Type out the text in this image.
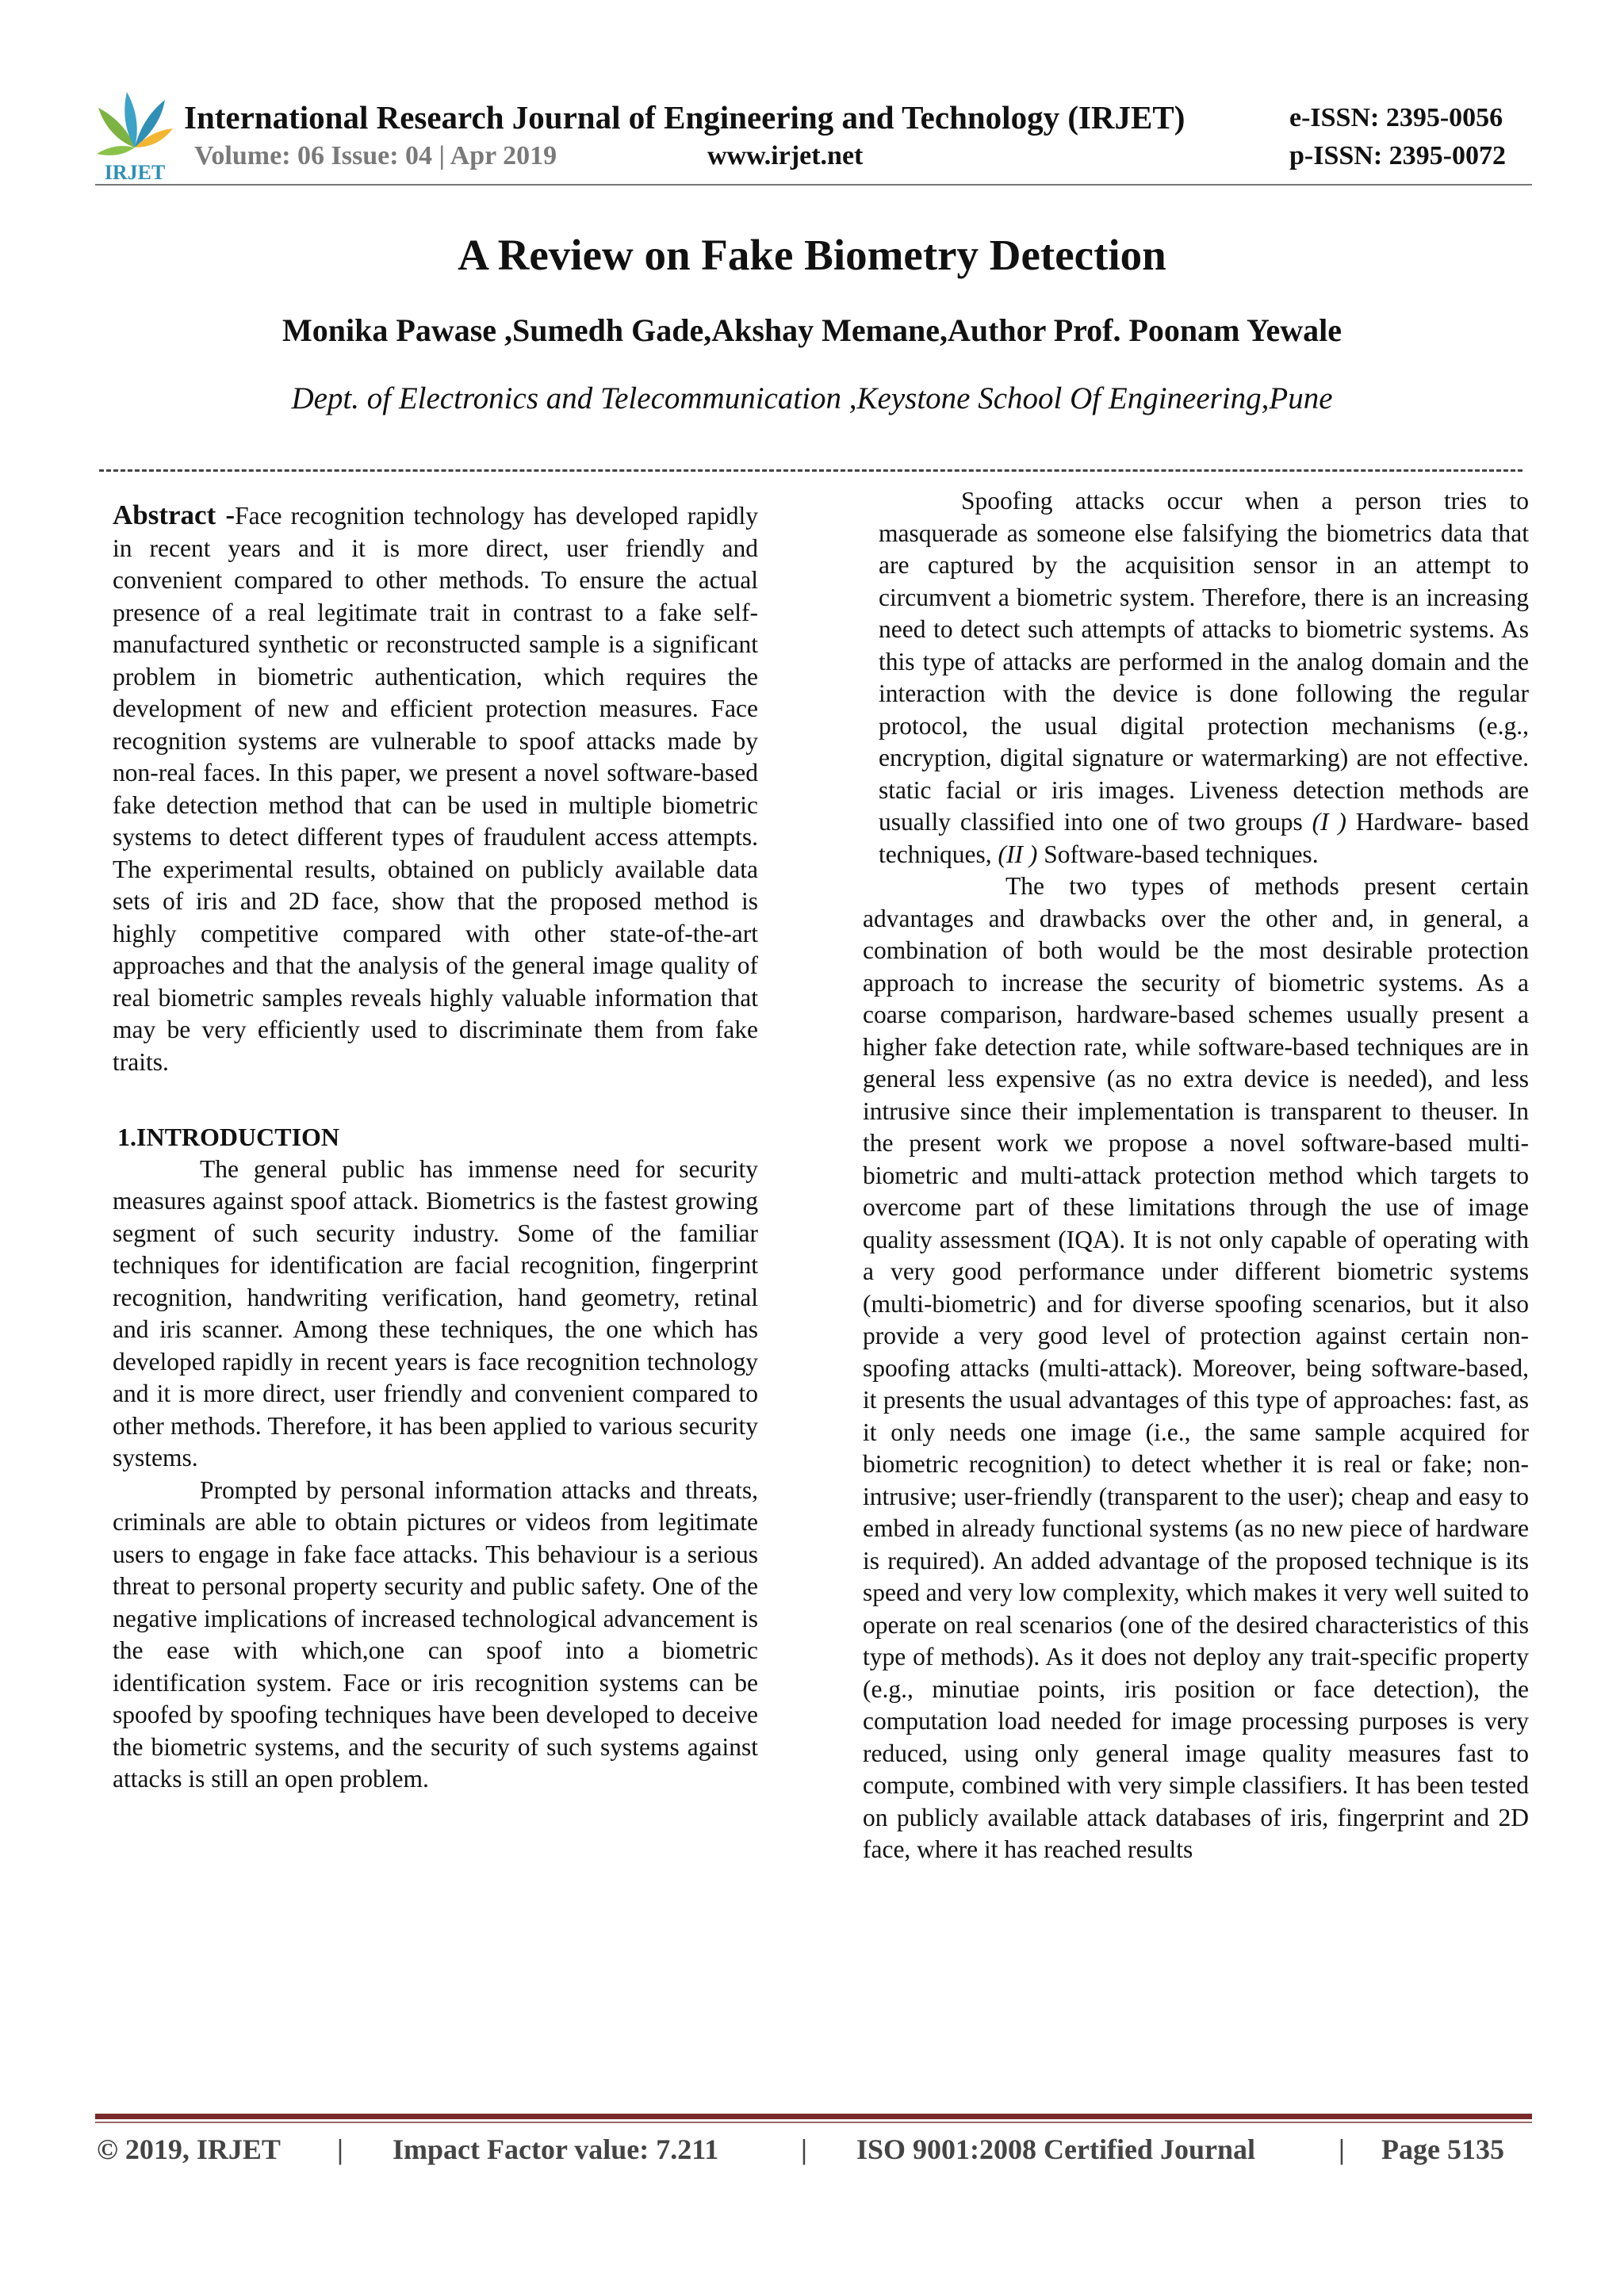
IRJET
International Research Journal of Engineering and Technology (IRJET)
Volume: 06 Issue: 04 | Apr 2019	www.irjet.net
e-ISSN: 2395-0056
p-ISSN: 2395-0072
A Review on Fake Biometry Detection
Monika Pawase ,Sumedh Gade,Akshay Memane,Author Prof. Poonam Yewale
Dept. of Electronics and Telecommunication ,Keystone School Of Engineering,Pune

Abstract -Face recognition technology has developed rapidly in recent years and it is more direct, user friendly and convenient compared to other methods. To ensure the actual presence of a real legitimate trait in contrast to a fake self-manufactured synthetic or reconstructed sample is a significant problem in biometric authentication, which requires the development of new and efficient protection measures. Face recognition systems are vulnerable to spoof attacks made by non-real faces. In this paper, we present a novel software-based fake detection method that can be used in multiple biometric systems to detect different types of fraudulent access attempts. The experimental results, obtained on publicly available data sets of iris and 2D face, show that the proposed method is highly competitive compared with other state-of-the-art approaches and that the analysis of the general image quality of real biometric samples reveals highly valuable information that may be very efficiently used to discriminate them from fake traits.

1.INTRODUCTION

The general public has immense need for security measures against spoof attack. Biometrics is the fastest growing segment of such security industry. Some of the familiar techniques for identification are facial recognition, fingerprint recognition, handwriting verification, hand geometry, retinal and iris scanner. Among these techniques, the one which has developed rapidly in recent years is face recognition technology and it is more direct, user friendly and convenient compared to other methods. Therefore, it has been applied to various security systems.

Prompted by personal information attacks and threats, criminals are able to obtain pictures or videos from legitimate users to engage in fake face attacks. This behaviour is a serious threat to personal property security and public safety. One of the negative implications of increased technological advancement is the ease with which,one can spoof into a biometric identification system. Face or iris recognition systems can be spoofed by spoofing techniques have been developed to deceive the biometric systems, and the security of such systems against attacks is still an open problem.

Spoofing attacks occur when a person tries to masquerade as someone else falsifying the biometrics data that are captured by the acquisition sensor in an attempt to circumvent a biometric system. Therefore, there is an increasing need to detect such attempts of attacks to biometric systems. As this type of attacks are performed in the analog domain and the interaction with the device is done following the regular protocol, the usual digital protection mechanisms (e.g., encryption, digital signature or watermarking) are not effective. static facial or iris images. Liveness detection methods are usually classified into one of two groups (I ) Hardware- based techniques, (II ) Software-based techniques.

The two types of methods present certain advantages and drawbacks over the other and, in general, a combination of both would be the most desirable protection approach to increase the security of biometric systems. As a coarse comparison, hardware-based schemes usually present a higher fake detection rate, while software-based techniques are in general less expensive (as no extra device is needed), and less intrusive since their implementation is transparent to theuser. In the present work we propose a novel software-based multi-biometric and multi-attack protection method which targets to overcome part of these limitations through the use of image quality assessment (IQA). It is not only capable of operating with a very good performance under different biometric systems (multi-biometric) and for diverse spoofing scenarios, but it also provide a very good level of protection against certain non-spoofing attacks (multi-attack). Moreover, being software-based, it presents the usual advantages of this type of approaches: fast, as it only needs one image (i.e., the same sample acquired for biometric recognition) to detect whether it is real or fake; non-intrusive; user-friendly (transparent to the user); cheap and easy to embed in already functional systems (as no new piece of hardware is required). An added advantage of the proposed technique is its speed and very low complexity, which makes it very well suited to operate on real scenarios (one of the desired characteristics of this type of methods). As it does not deploy any trait-specific property (e.g., minutiae points, iris position or face detection), the computation load needed for image processing purposes is very reduced, using only general image quality measures fast to compute, combined with very simple classifiers. It has been tested on publicly available attack databases of iris, fingerprint and 2D face, where it has reached results

© 2019, IRJET | Impact Factor value: 7.211	| ISO 9001:2008 Certified Journal	| Page 5135
